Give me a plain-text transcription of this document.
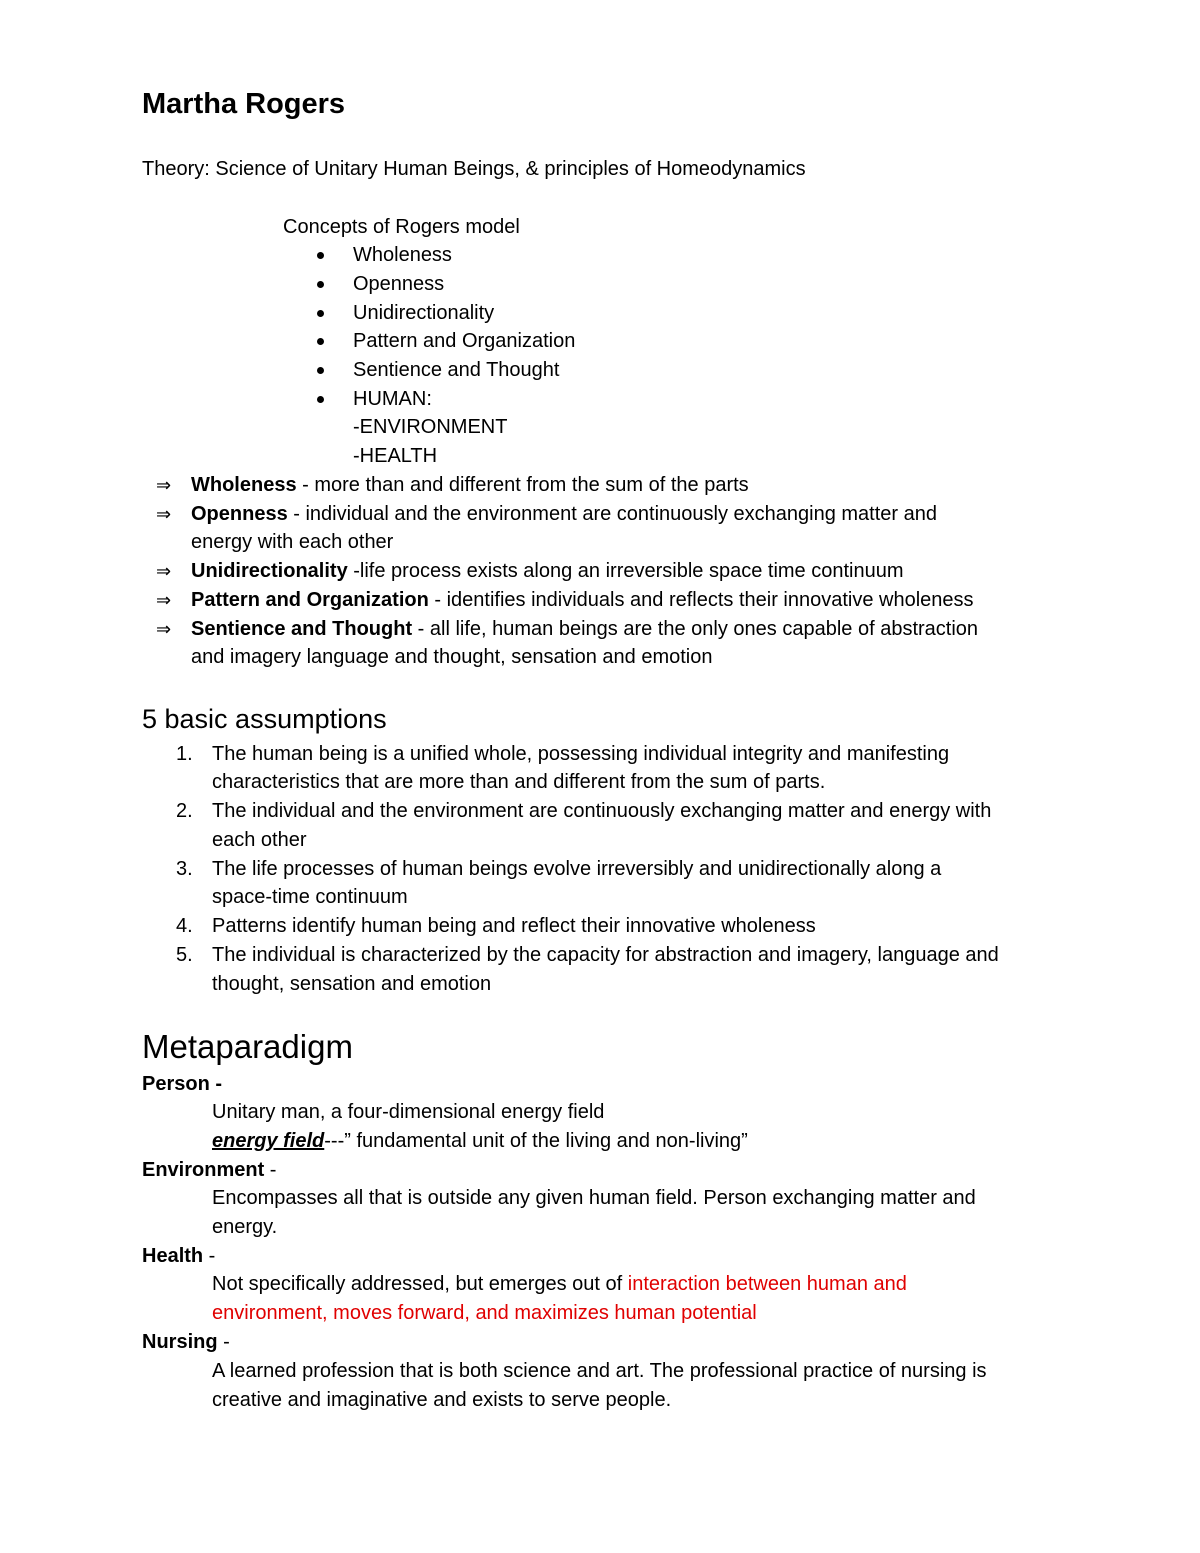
Martha Rogers
Theory: Science of Unitary Human Beings, & principles of Homeodynamics
Concepts of Rogers model
Wholeness
Openness
Unidirectionality
Pattern and Organization
Sentience and Thought
HUMAN:
-ENVIRONMENT
-HEALTH
⇒ Wholeness - more than and different from the sum of the parts
⇒ Openness - individual and the environment are continuously exchanging matter and
energy with each other
⇒ Unidirectionality -life process exists along an irreversible space time continuum
⇒ Pattern and Organization - identifies individuals and reflects their innovative wholeness
⇒ Sentience and Thought - all life, human beings are the only ones capable of abstraction
and imagery language and thought, sensation and emotion
5 basic assumptions
1. The human being is a unified whole, possessing individual integrity and manifesting
characteristics that are more than and different from the sum of parts.
2. The individual and the environment are continuously exchanging matter and energy with
each other
3. The life processes of human beings evolve irreversibly and unidirectionally along a
space-time continuum
4. Patterns identify human being and reflect their innovative wholeness
5. The individual is characterized by the capacity for abstraction and imagery, language and
thought, sensation and emotion
Metaparadigm
Person -
Unitary man, a four-dimensional energy field
energy field---” fundamental unit of the living and non-living”
Environment -
Encompasses all that is outside any given human field. Person exchanging matter and
energy.
Health -
Not specifically addressed, but emerges out of interaction between human and
environment, moves forward, and maximizes human potential
Nursing -
A learned profession that is both science and art. The professional practice of nursing is
creative and imaginative and exists to serve people.
